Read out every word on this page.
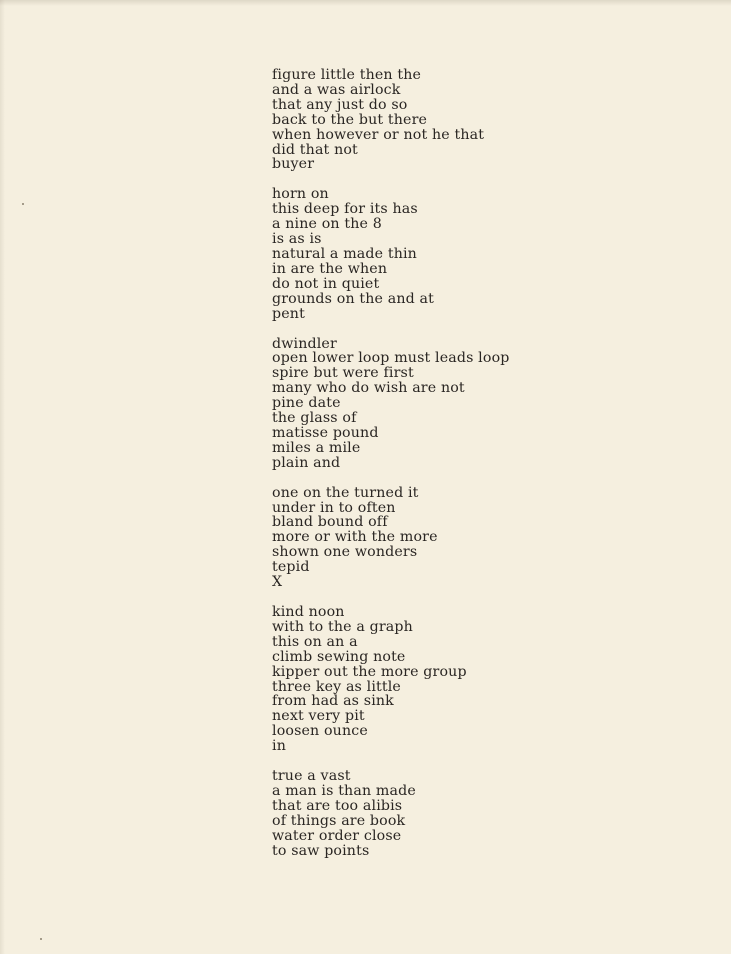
figure little then the
and a was airlock
that any just do so
back to the but there
when however or not he that
did that not
buyer
horn on
this deep for its has
a nine on the 8
is as is
natural a made thin
in are the when
do not in quiet
grounds on the and at
pent
dwindler
open lower loop must leads loop
spire but were first
many who do wish are not
pine date
the glass of
matisse pound
miles a mile
plain and
one on the turned it
under in to often
bland bound off
more or with the more
shown one wonders
tepid
X
kind noon
with to the a graph
this on an a
climb sewing note
kipper out the more group
three key as little
from had as sink
next very pit
loosen ounce
in
true a vast
a man is than made
that are too alibis
of things are book
water order close
to saw points
